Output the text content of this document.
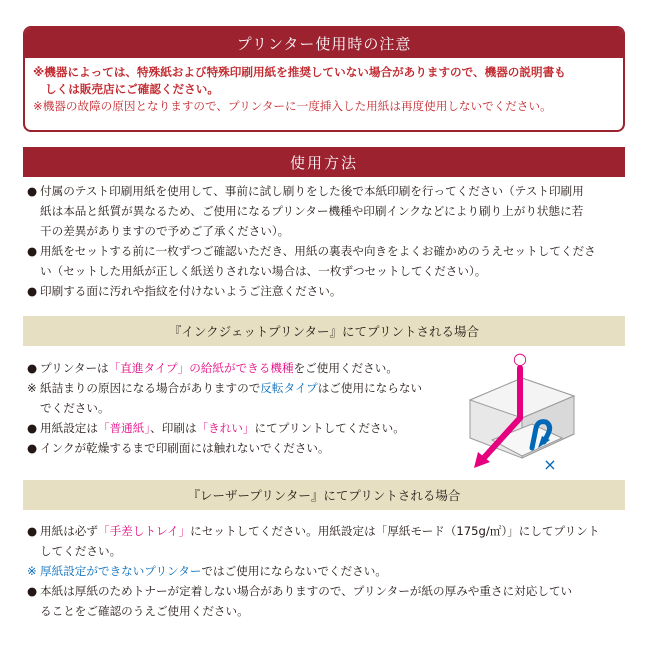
プリンター使用時の注意
※機器によっては、特殊紙および特殊印刷用紙を推奨していない場合がありますので、機器の説明書も
しくは販売店にご確認ください。
※機器の故障の原因となりますので、プリンターに一度挿入した用紙は再度使用しないでください。
使用方法
● 付属のテスト印刷用紙を使用して、事前に試し刷りをした後で本紙印刷を行ってください（テスト印刷用
紙は本品と紙質が異なるため、ご使用になるプリンター機種や印刷インクなどにより刷り上がり状態に若
干の差異がありますので予めご了承ください）。
● 用紙をセットする前に一枚ずつご確認いただき、用紙の裏表や向きをよくお確かめのうえセットしてくださ
い（セットした用紙が正しく紙送りされない場合は、一枚ずつセットしてください）。
● 印刷する面に汚れや指紋を付けないようご注意ください。
『インクジェットプリンター』にてプリントされる場合
● プリンターは「直進タイプ」の給紙ができる機種をご使用ください。
※ 紙詰まりの原因になる場合がありますので反転タイプはご使用にならない
でください。
● 用紙設定は「普通紙」、印刷は「きれい」にてプリントしてください。
● インクが乾燥するまで印刷面には触れないでください。
○
×
『レーザープリンター』にてプリントされる場合
● 用紙は必ず「手差しトレイ」にセットしてください。用紙設定は「厚紙モード（175g/㎡）」にしてプリント
してください。
※ 厚紙設定ができないプリンターではご使用にならないでください。
● 本紙は厚紙のためトナーが定着しない場合がありますので、プリンターが紙の厚みや重さに対応してい
ることをご確認のうえご使用ください。
